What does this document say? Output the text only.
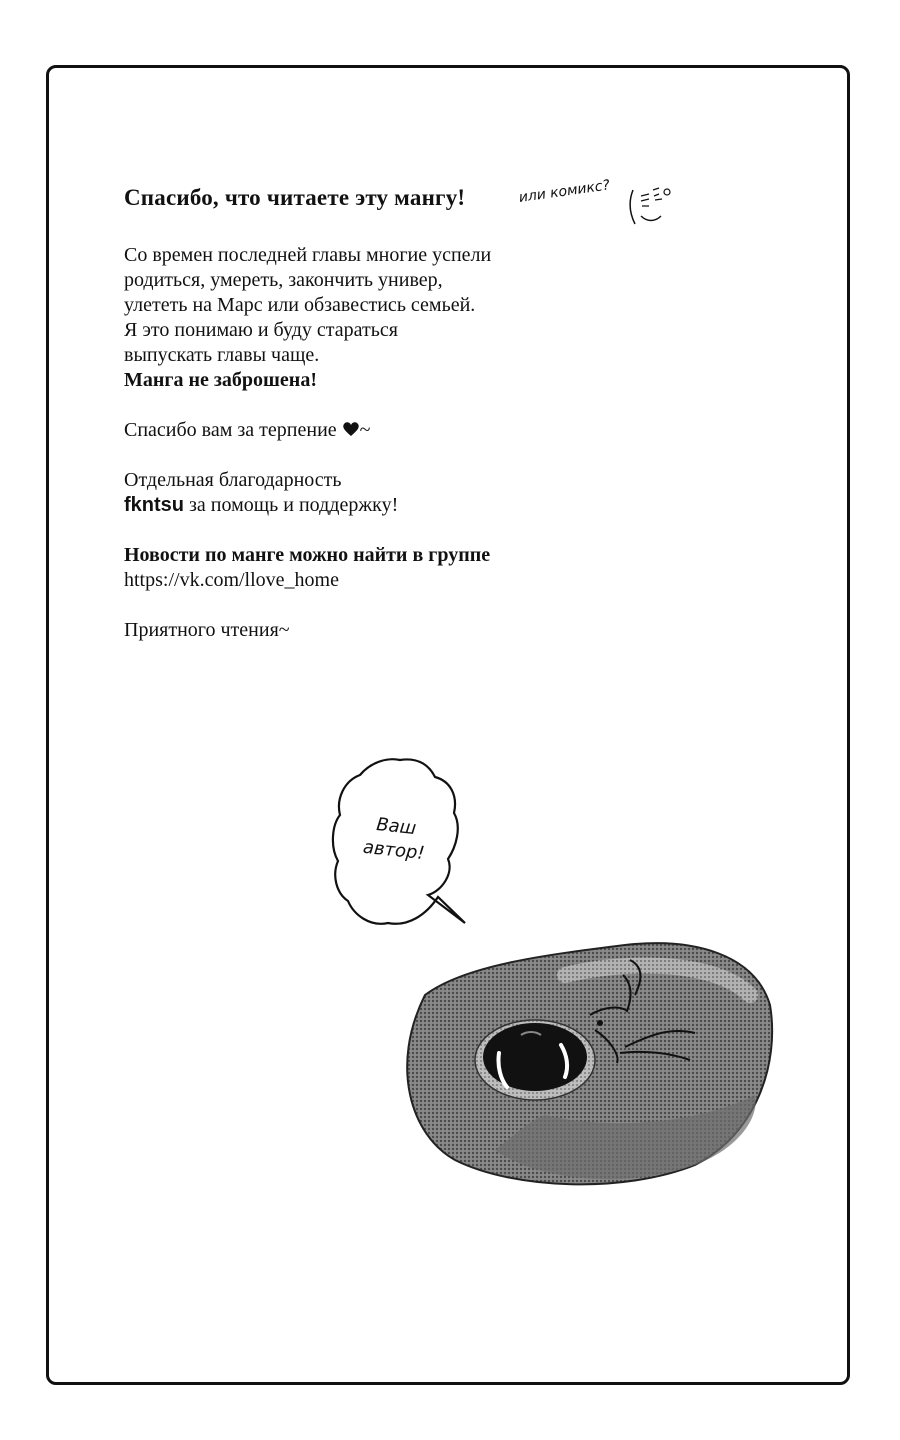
Спасибо, что читаете эту мангу!
Со времен последней главы многие успели
родиться, умереть, закончить универ,
улететь на Марс или обзавестись семьей.
Я это понимаю и буду стараться
выпускать главы чаще.
Манга не заброшена!
Спасибо вам за терпение ~
Отдельная благодарность
fkntsu за помощь и поддержку!
Новости по манге можно найти в группе
https://vk.com/llove_home
Приятного чтения~
или комикс?
Ваш
автор!
